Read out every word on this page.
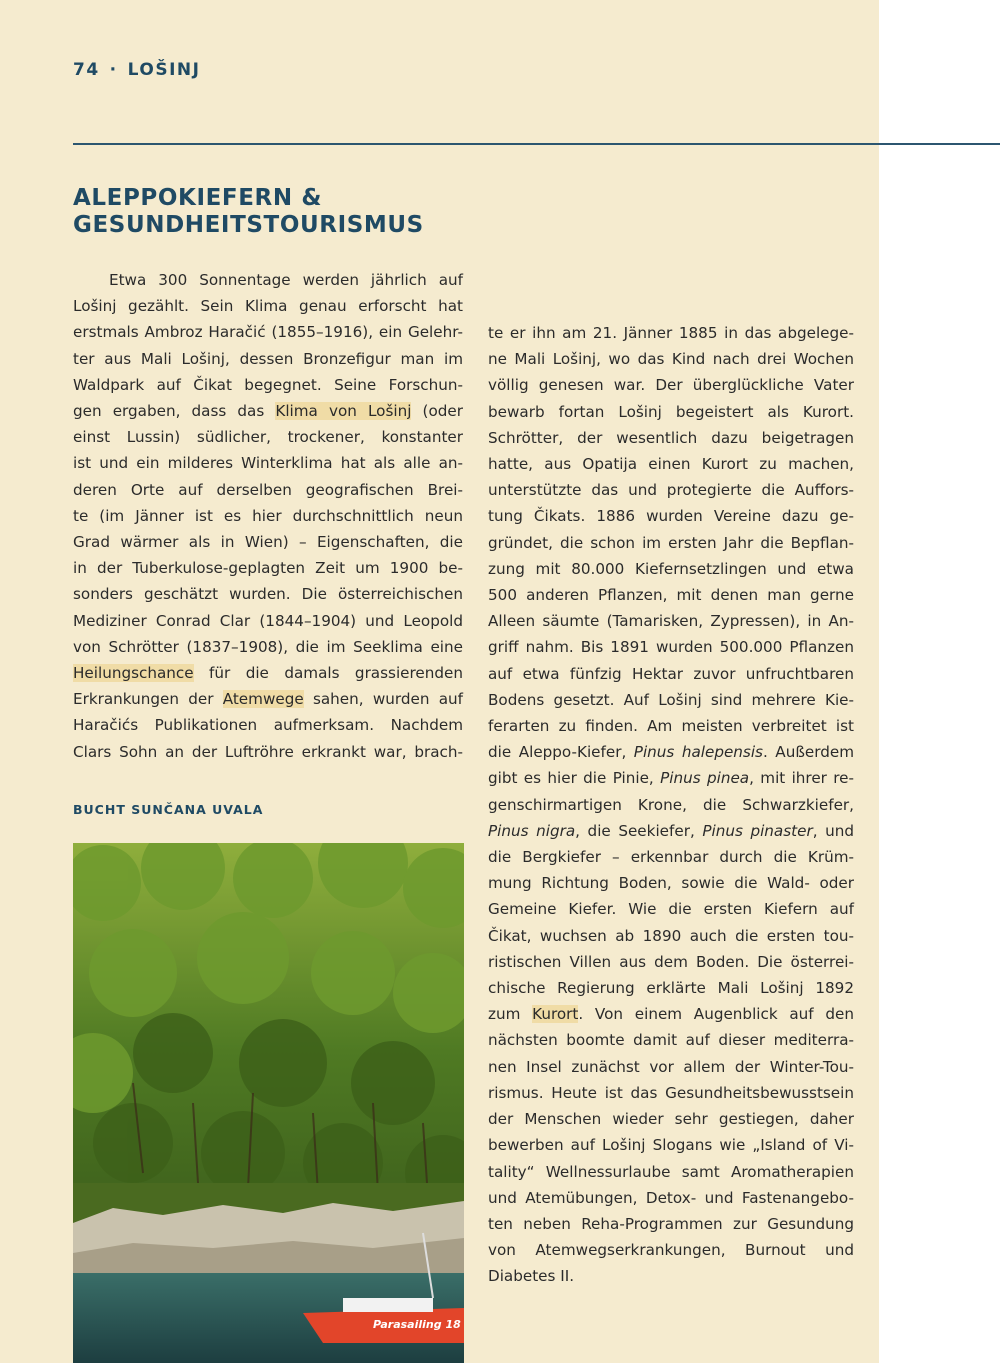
74 · LOŠINJ
ALEPPOKIEFERN &
GESUNDHEITSTOURISMUS
Etwa 300 Sonnentage werden jährlich auf
Lošinj gezählt. Sein Klima genau erforscht hat
erstmals Ambroz Haračić (1855–1916), ein Gelehr-
ter aus Mali Lošinj, dessen Bronzefigur man im
Waldpark auf Čikat begegnet. Seine Forschun-
gen ergaben, dass das Klima von Lošinj (oder
einst Lussin) südlicher, trockener, konstanter
ist und ein milderes Winterklima hat als alle an-
deren Orte auf derselben geografischen Brei-
te (im Jänner ist es hier durchschnittlich neun
Grad wärmer als in Wien) – Eigenschaften, die
in der Tuberkulose-geplagten Zeit um 1900 be-
sonders geschätzt wurden. Die österreichischen
Mediziner Conrad Clar (1844–1904) und Leopold
von Schrötter (1837–1908), die im Seeklima eine
Heilungschance für die damals grassierenden
Erkrankungen der Atemwege sahen, wurden auf
Haračićs Publikationen aufmerksam. Nachdem
Clars Sohn an der Luftröhre erkrankt war, brach-
BUCHT SUNČANA UVALA
Parasailing 18
te er ihn am 21. Jänner 1885 in das abgelege-
ne Mali Lošinj, wo das Kind nach drei Wochen
völlig genesen war. Der überglückliche Vater
bewarb fortan Lošinj begeistert als Kurort.
Schrötter, der wesentlich dazu beigetragen
hatte, aus Opatija einen Kurort zu machen,
unterstützte das und protegierte die Auffors-
tung Čikats. 1886 wurden Vereine dazu ge-
gründet, die schon im ersten Jahr die Bepflan-
zung mit 80.000 Kiefernsetzlingen und etwa
500 anderen Pflanzen, mit denen man gerne
Alleen säumte (Tamarisken, Zypressen), in An-
griff nahm. Bis 1891 wurden 500.000 Pflanzen
auf etwa fünfzig Hektar zuvor unfruchtbaren
Bodens gesetzt. Auf Lošinj sind mehrere Kie-
ferarten zu finden. Am meisten verbreitet ist
die Aleppo-Kiefer, Pinus halepensis. Außerdem
gibt es hier die Pinie, Pinus pinea, mit ihrer re-
genschirmartigen Krone, die Schwarzkiefer,
Pinus nigra, die Seekiefer, Pinus pinaster, und
die Bergkiefer – erkennbar durch die Krüm-
mung Richtung Boden, sowie die Wald- oder
Gemeine Kiefer. Wie die ersten Kiefern auf
Čikat, wuchsen ab 1890 auch die ersten tou-
ristischen Villen aus dem Boden. Die österrei-
chische Regierung erklärte Mali Lošinj 1892
zum Kurort. Von einem Augenblick auf den
nächsten boomte damit auf dieser mediterra-
nen Insel zunächst vor allem der Winter-Tou-
rismus. Heute ist das Gesundheitsbewusstsein
der Menschen wieder sehr gestiegen, daher
bewerben auf Lošinj Slogans wie „Island of Vi-
tality“ Wellnessurlaube samt Aromatherapien
und Atemübungen, Detox- und Fastenangebo-
ten neben Reha-Programmen zur Gesundung
von Atemwegserkrankungen, Burnout und
Diabetes II.
